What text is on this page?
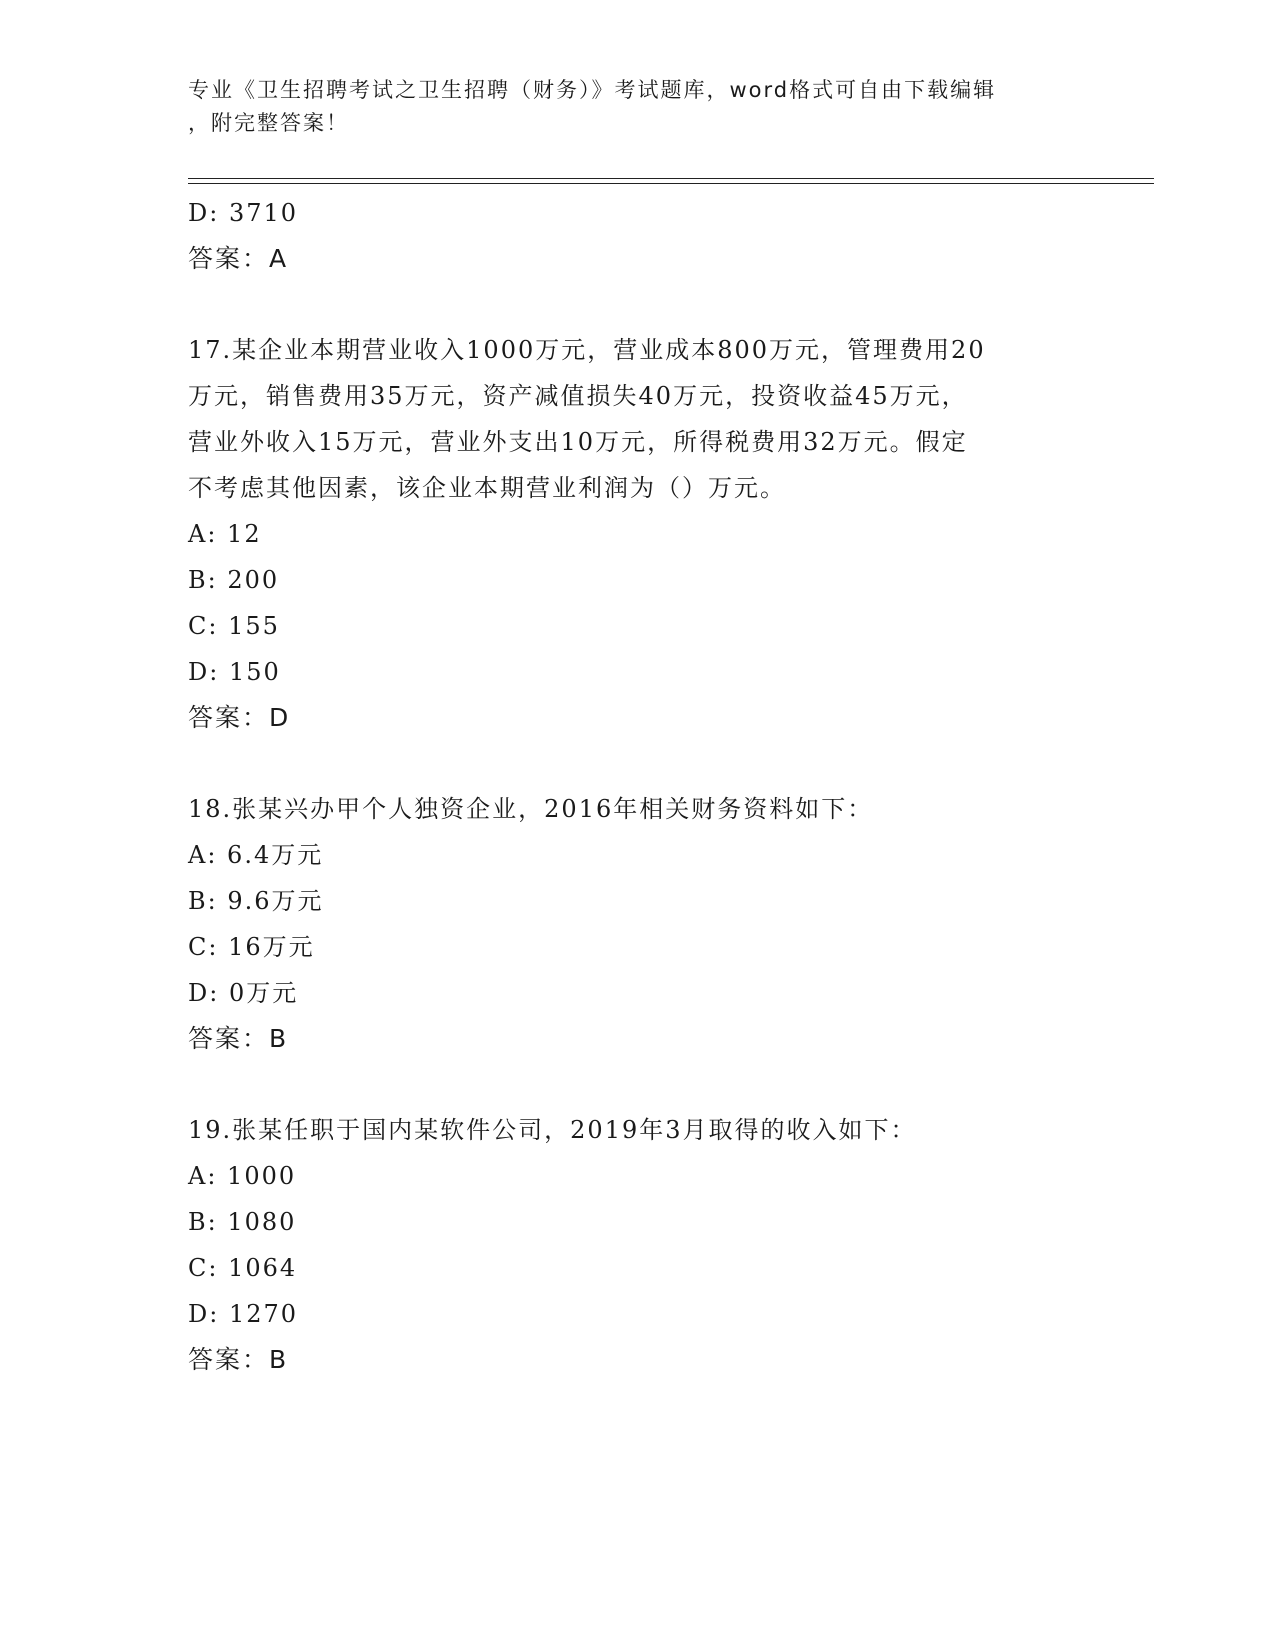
专业《卫生招聘考试之卫生招聘（财务）》考试题库，word格式可自由下载编辑
，附完整答案！
D: 3710
答案：A
17.某企业本期营业收入1000万元，营业成本800万元，管理费用20
万元，销售费用35万元，资产减值损失40万元，投资收益45万元，
营业外收入15万元，营业外支出10万元，所得税费用32万元。假定
不考虑其他因素，该企业本期营业利润为（）万元。
A: 12
B: 200
C: 155
D: 150
答案：D
18.张某兴办甲个人独资企业，2016年相关财务资料如下：
A: 6.4万元
B: 9.6万元
C: 16万元
D: 0万元
答案：B
19.张某任职于国内某软件公司，2019年3月取得的收入如下：
A: 1000
B: 1080
C: 1064
D: 1270
答案：B
